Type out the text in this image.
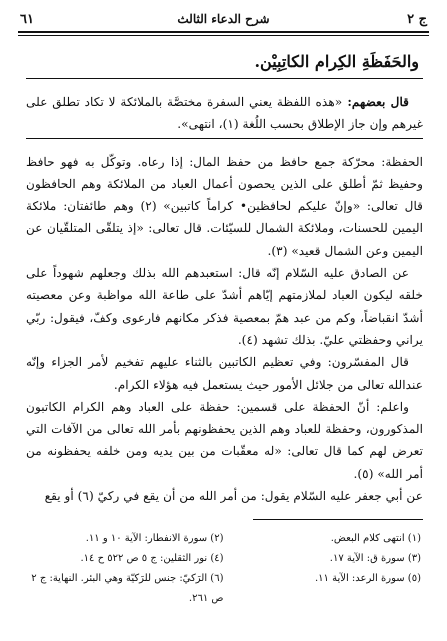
ج ٢
شرح الدعاء الثالث
٦١
والحَفَظَةِ الكِرام الكاتِبِيْن.

قال بعضهم: «هذه اللفظة يعني السفرة مختصَّة بالملائكة لا تكاد تطلق على غيرهم وإن جاز الإطلاق بحسب اللُغة (١)، انتهى».

الحفظة: محرّكة جمع حافظ من حفظ المال: إذا رعاه. وتوكّل به فهو حافظ وحفيظ ثمّ أطلق على الذين يحصون أعمال العباد من الملائكة وهم الحافظون قال تعالى: «وإنّ عليكم لحافظين• كراماً كاتبين» (٢) وهم طائفتان: ملائكة اليمين للحسنات، وملائكة الشمال للسيّئات. قال تعالى: «إذ يتلقّى المتلقّيان عن اليمين وعن الشمال قعيد» (٣).

عن الصادق عليه السّلام إنّه قال: استعبدهم الله بذلك وجعلهم شهوداً على خلقه ليكون العباد لملازمتهم إيّاهم أشدّ على طاعة الله مواظبة وعن معصيته أشدّ انقباضاً، وكم من عبد همّ بمعصية فذكر مكانهم فارعوى وكفّ، فيقول: ربّي يراني وحفظتي عليّ. بذلك تشهد (٤).

قال المفسّرون: وفي تعظيم الكاتبين بالثناء عليهم تفخيم لأمر الجزاء وإنّه عندالله تعالى من جلائل الأمور حيث يستعمل فيه هؤلاء الكرام.

واعلم: أنّ الحفظة على قسمين: حفظة على العباد وهم الكرام الكاتبون المذكورون، وحفظة للعباد وهم الذين يحفظونهم بأمر الله تعالى من الآفات التي تعرض لهم كما قال تعالى: «له معقّبات من بين يديه ومن خلفه يحفظونه من أمر الله» (٥).

عن أبي جعفر عليه السّلام يقول: من أمر الله من أن يقع في ركيّ (٦) أو يقع

(١) انتهى كلام البعض.
(٢) سورة الانفطار: الآية ١٠ و ١١.
(٣) سورة ق: الآية ١٧.
(٤) نور الثقلين: ج ٥ ص ٥٢٢ ح ١٤.
(٥) سورة الرعد: الآية ١١.
(٦) الرَكيّ: جنس للرَكيّة وهي البئر. النهاية: ج ٢ ص ٢٦١.
